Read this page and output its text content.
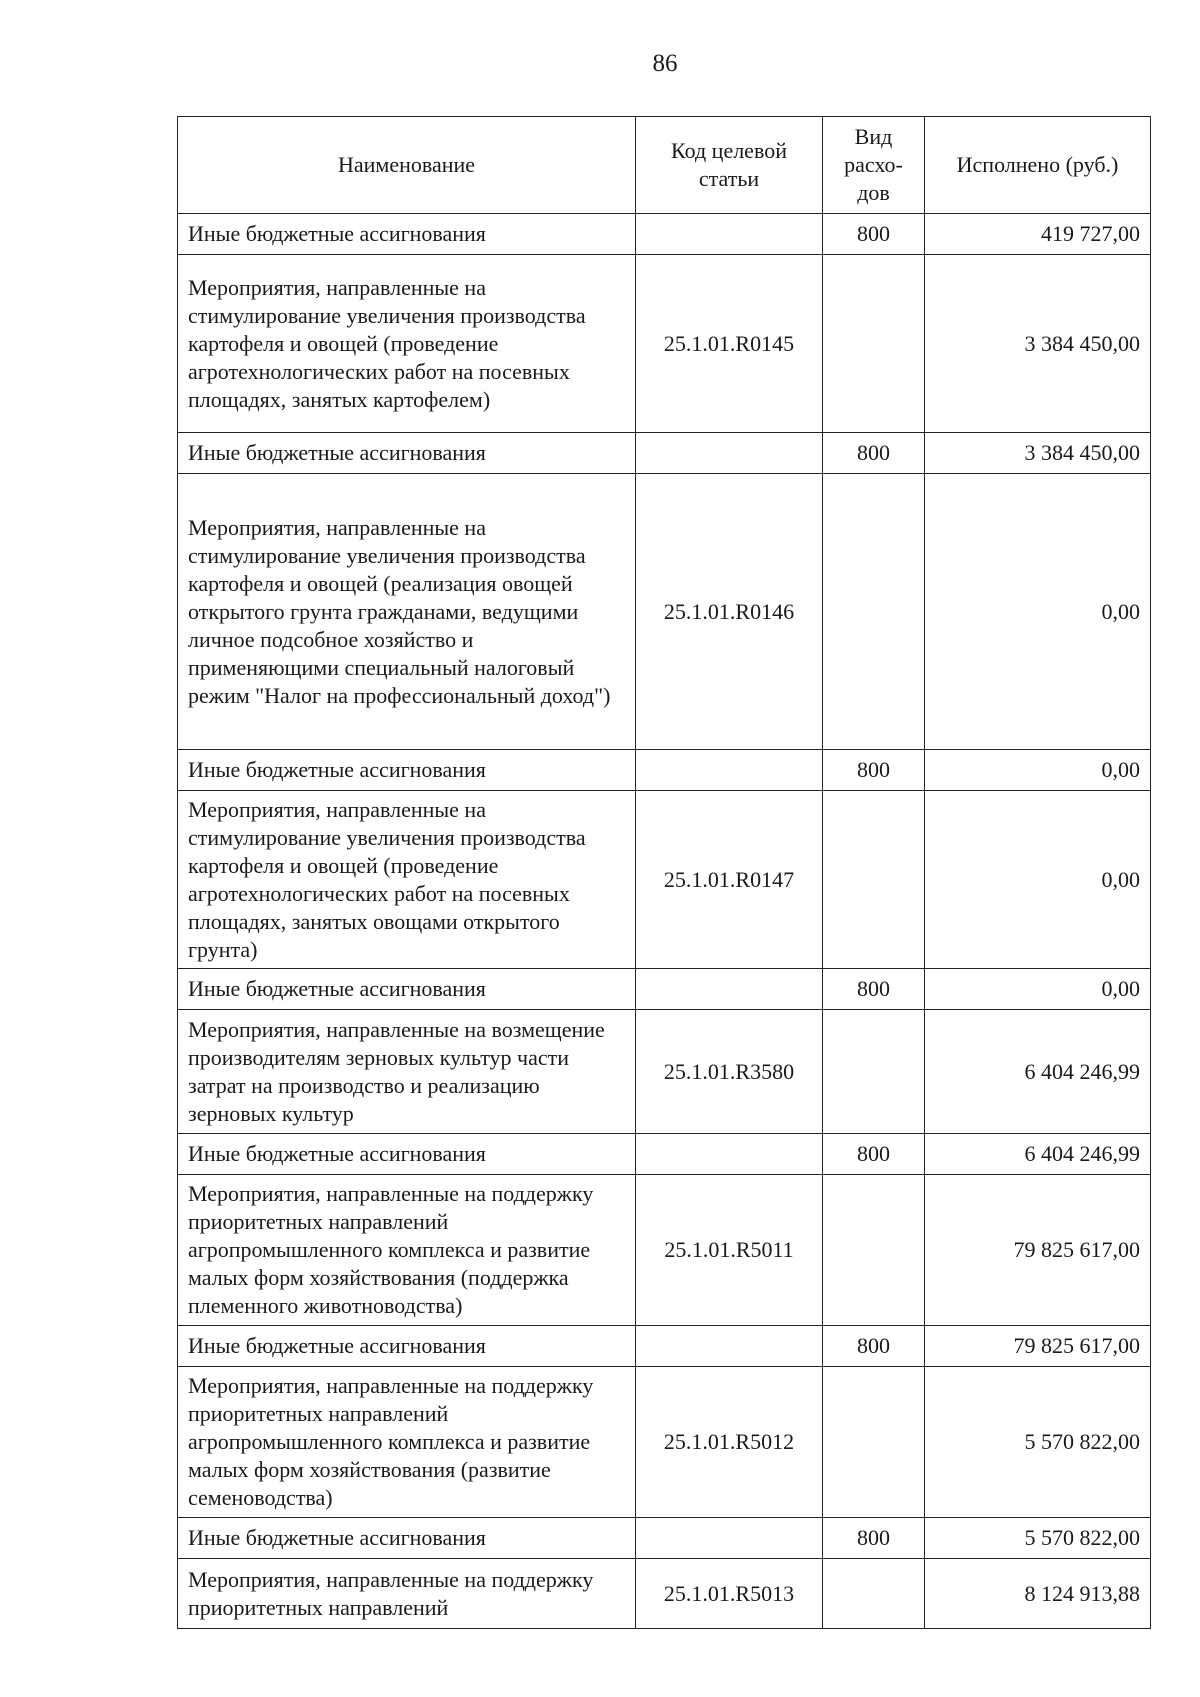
86
Наименование	Код целевой статьи	Вид расхо-дов	Исполнено (руб.)
Иные бюджетные ассигнования		800	419 727,00
Мероприятия, направленные на стимулирование увеличения производства картофеля и овощей (проведение агротехнологических работ на посевных площадях, занятых картофелем)	25.1.01.R0145		3 384 450,00
Иные бюджетные ассигнования		800	3 384 450,00
Мероприятия, направленные на стимулирование увеличения производства картофеля и овощей (реализация овощей открытого грунта гражданами, ведущими личное подсобное хозяйство и применяющими специальный налоговый режим "Налог на профессиональный доход")	25.1.01.R0146		0,00
Иные бюджетные ассигнования		800	0,00
Мероприятия, направленные на стимулирование увеличения производства картофеля и овощей (проведение агротехнологических работ на посевных площадях, занятых овощами открытого грунта)	25.1.01.R0147		0,00
Иные бюджетные ассигнования		800	0,00
Мероприятия, направленные на возмещение производителям зерновых культур части затрат на производство и реализацию зерновых культур	25.1.01.R3580		6 404 246,99
Иные бюджетные ассигнования		800	6 404 246,99
Мероприятия, направленные на поддержку приоритетных направлений агропромышленного комплекса и развитие малых форм хозяйствования (поддержка племенного животноводства)	25.1.01.R5011		79 825 617,00
Иные бюджетные ассигнования		800	79 825 617,00
Мероприятия, направленные на поддержку приоритетных направлений агропромышленного комплекса и развитие малых форм хозяйствования (развитие семеноводства)	25.1.01.R5012		5 570 822,00
Иные бюджетные ассигнования		800	5 570 822,00
Мероприятия, направленные на поддержку приоритетных направлений	25.1.01.R5013		8 124 913,88
